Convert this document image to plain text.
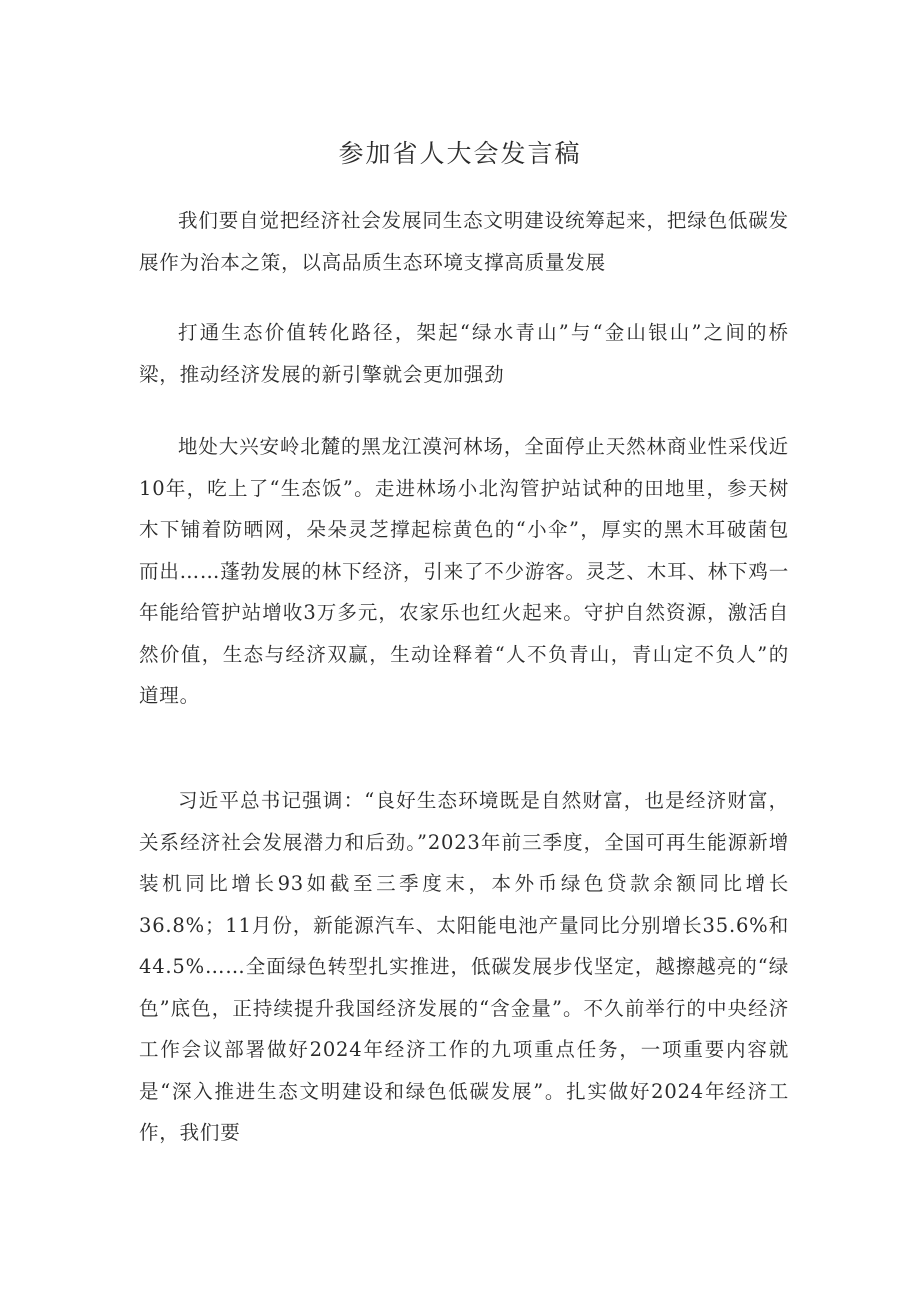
参加省人大会发言稿

我们要自觉把经济社会发展同生态文明建设统筹起来，把绿色低碳发展作为治本之策，以高品质生态环境支撑高质量发展

打通生态价值转化路径，架起“绿水青山”与“金山银山”之间的桥梁，推动经济发展的新引擎就会更加强劲

地处大兴安岭北麓的黑龙江漠河林场，全面停止天然林商业性采伐近10年，吃上了“生态饭”。走进林场小北沟管护站试种的田地里，参天树木下铺着防晒网，朵朵灵芝撑起棕黄色的“小伞”，厚实的黑木耳破菌包而出……蓬勃发展的林下经济，引来了不少游客。灵芝、木耳、林下鸡一年能给管护站增收3万多元，农家乐也红火起来。守护自然资源，激活自然价值，生态与经济双赢，生动诠释着“人不负青山，青山定不负人”的道理。

习近平总书记强调：“良好生态环境既是自然财富，也是经济财富，关系经济社会发展潜力和后劲。”2023年前三季度，全国可再生能源新增装机同比增长93如截至三季度末，本外币绿色贷款余额同比增长36.8%；11月份，新能源汽车、太阳能电池产量同比分别增长35.6%和44.5%……全面绿色转型扎实推进，低碳发展步伐坚定，越擦越亮的“绿色”底色，正持续提升我国经济发展的“含金量”。不久前举行的中央经济工作会议部署做好2024年经济工作的九项重点任务，一项重要内容就是“深入推进生态文明建设和绿色低碳发展”。扎实做好2024年经济工作，我们要
